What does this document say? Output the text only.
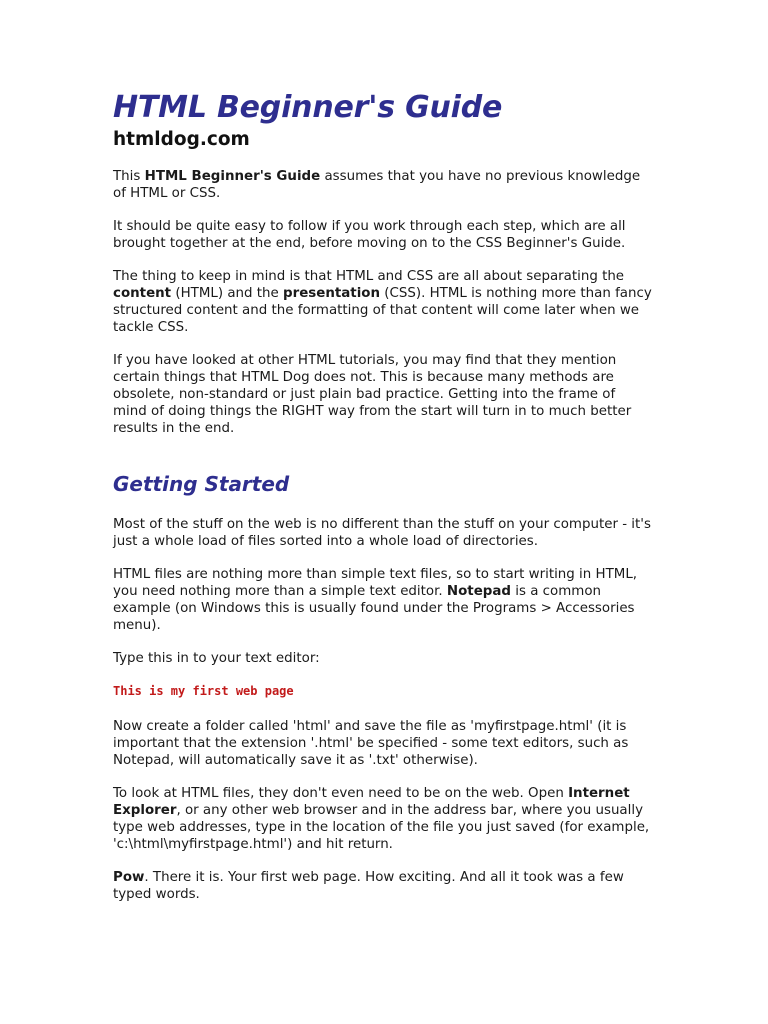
HTML Beginner's Guide
htmldog.com

This HTML Beginner's Guide assumes that you have no previous knowledge of HTML or CSS.

It should be quite easy to follow if you work through each step, which are all brought together at the end, before moving on to the CSS Beginner's Guide.

The thing to keep in mind is that HTML and CSS are all about separating the content (HTML) and the presentation (CSS). HTML is nothing more than fancy structured content and the formatting of that content will come later when we tackle CSS.

If you have looked at other HTML tutorials, you may find that they mention certain things that HTML Dog does not. This is because many methods are obsolete, non-standard or just plain bad practice. Getting into the frame of mind of doing things the RIGHT way from the start will turn in to much better results in the end.

Getting Started

Most of the stuff on the web is no different than the stuff on your computer - it's just a whole load of files sorted into a whole load of directories.

HTML files are nothing more than simple text files, so to start writing in HTML, you need nothing more than a simple text editor. Notepad is a common example (on Windows this is usually found under the Programs > Accessories menu).

Type this in to your text editor:

This is my first web page

Now create a folder called 'html' and save the file as 'myfirstpage.html' (it is important that the extension '.html' be specified - some text editors, such as Notepad, will automatically save it as '.txt' otherwise).

To look at HTML files, they don't even need to be on the web. Open Internet Explorer, or any other web browser and in the address bar, where you usually type web addresses, type in the location of the file you just saved (for example, 'c:\html\myfirstpage.html') and hit return.

Pow. There it is. Your first web page. How exciting. And all it took was a few typed words.
